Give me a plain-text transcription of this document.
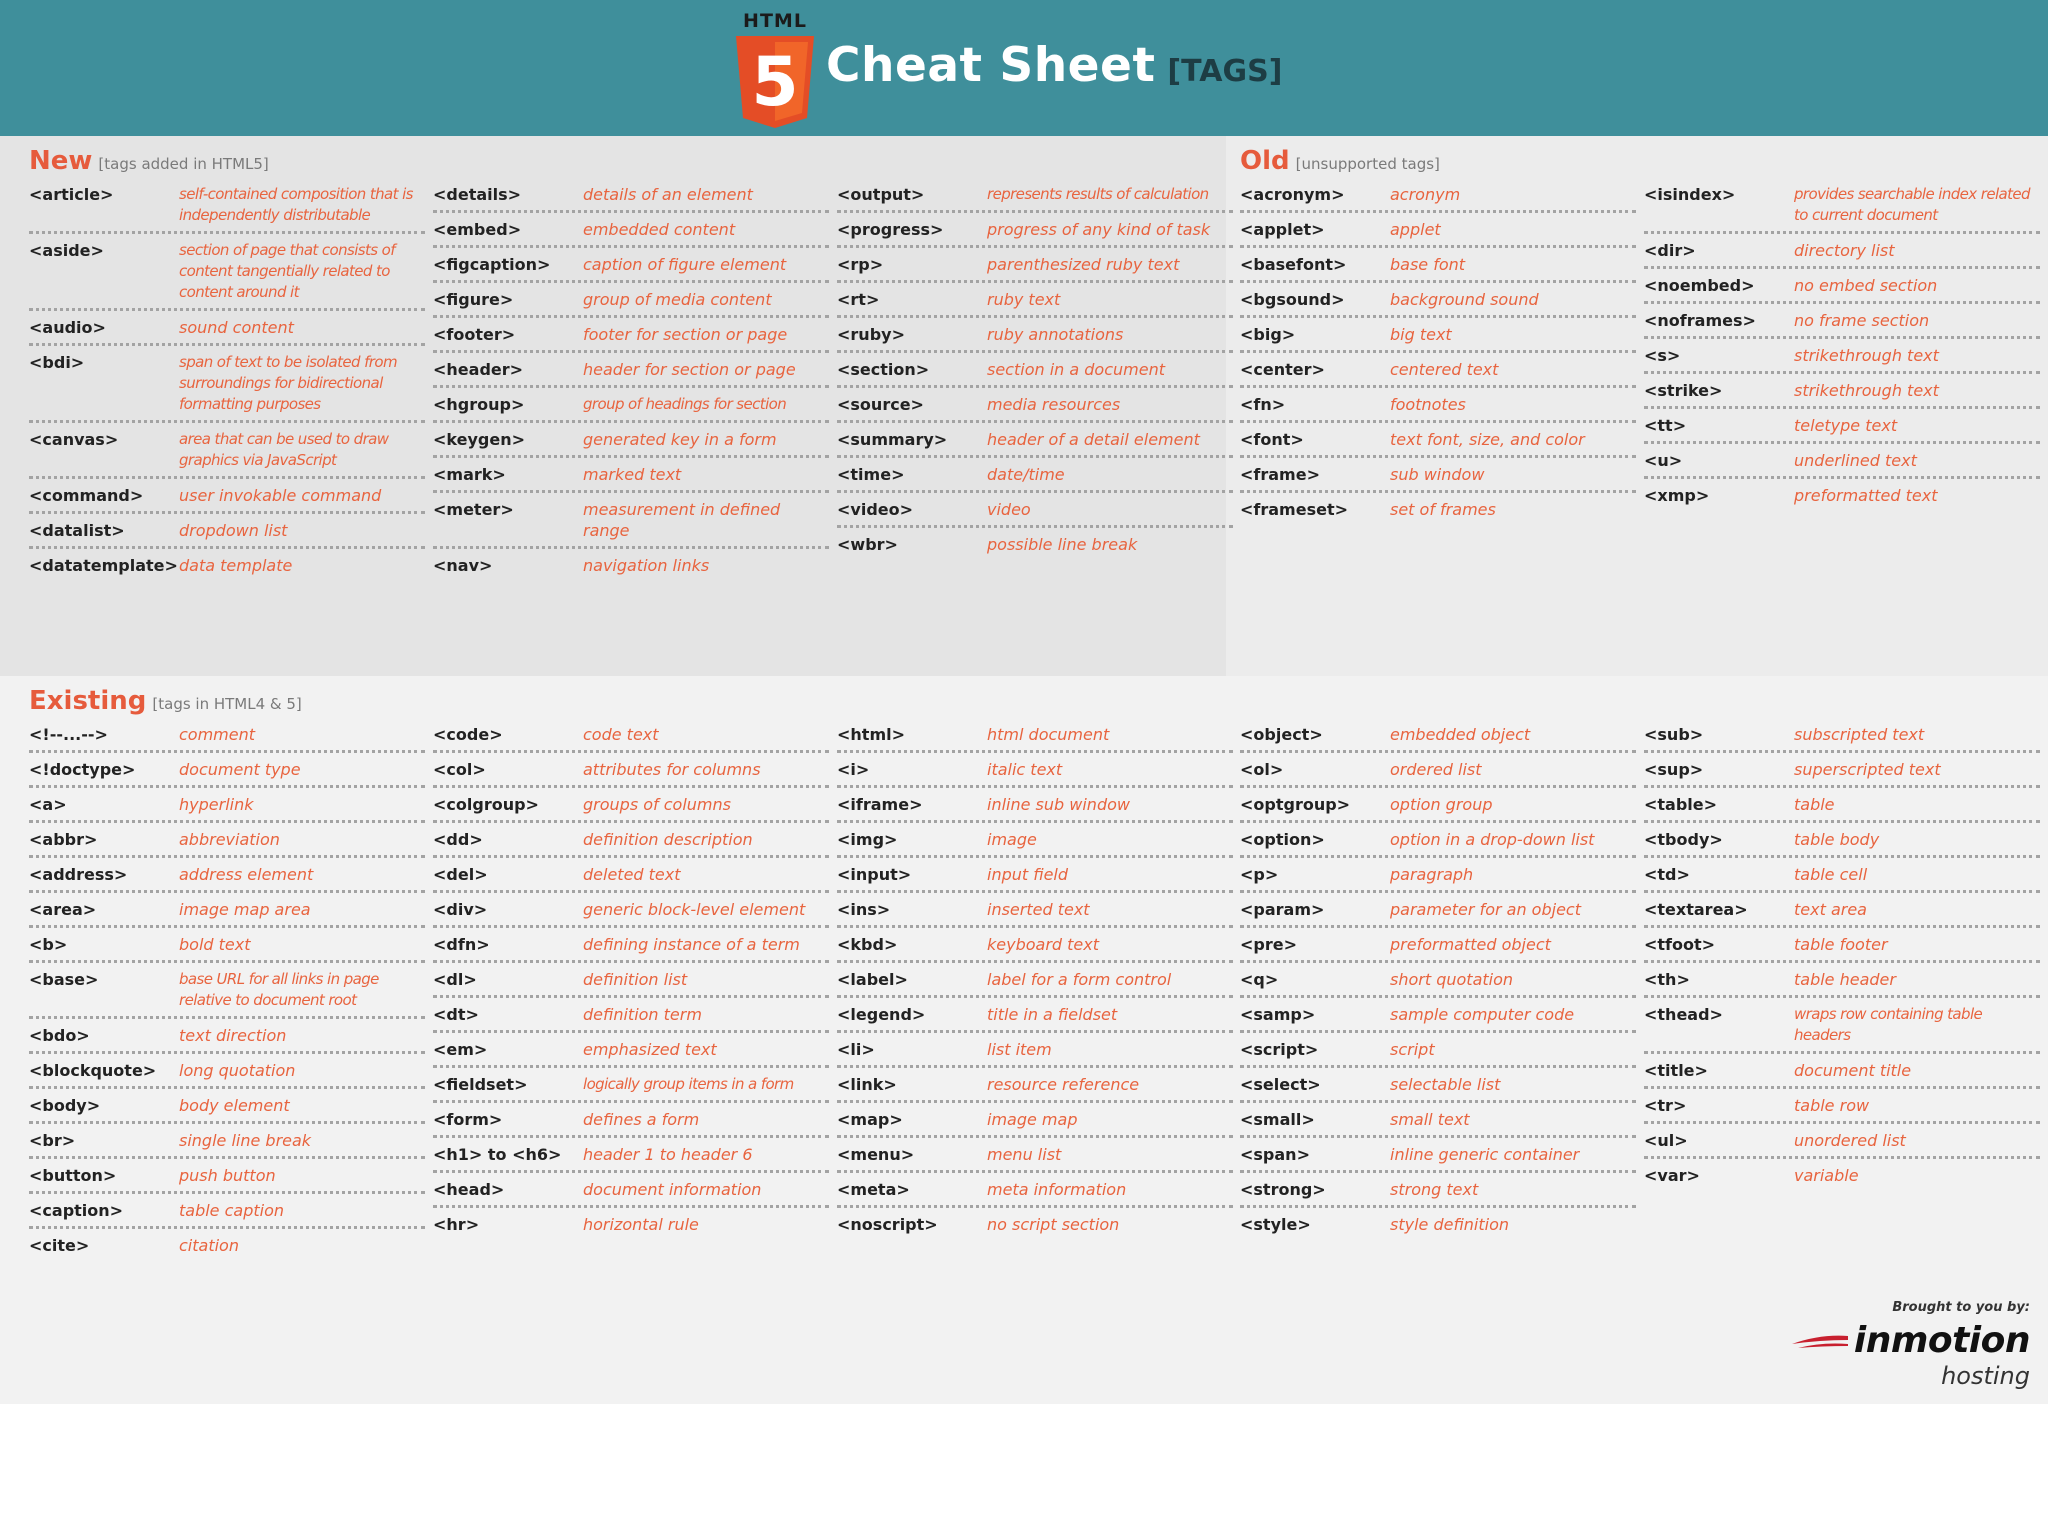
HTML
5 Cheat Sheet [TAGS]
New [tags added in HTML5]	Old [unsupported tags]
Existing [tags in HTML4 & 5]
<article>	self-contained composition that is independently distributable
<aside>	section of page that consists of content tangentially related to content around it
<audio>	sound content
<bdi>	span of text to be isolated from surroundings for bidirectional formatting purposes
<canvas>	area that can be used to draw graphics via JavaScript
<command>	user invokable command
<datalist>	dropdown list
<datatemplate> data template
<details>	details of an element
<embed>	embedded content
<figcaption>	caption of figure element
<figure>	group of media content
<footer>	footer for section or page
<header>	header for section or page
<hgroup>	group of headings for section
<keygen>	generated key in a form
<mark>	marked text
<meter>	measurement in defined range
<nav>	navigation links
<output>	represents results of calculation
<progress>	progress of any kind of task
<rp>	parenthesized ruby text
<rt>	ruby text
<ruby>	ruby annotations
<section>	section in a document
<source>	media resources
<summary>	header of a detail element
<time>	date/time
<video>	video
<wbr>	possible line break
<acronym>	acronym
<applet>	applet
<basefont>	base font
<bgsound>	background sound
<big>	big text
<center>	centered text
<fn>	footnotes
<font>	text font, size, and color
<frame>	sub window
<frameset>	set of frames
<isindex>	provides searchable index related to current document
<dir>	directory list
<noembed>	no embed section
<noframes>	no frame section
<s>	strikethrough text
<strike>	strikethrough text
<tt>	teletype text
<u>	underlined text
<xmp>	preformatted text
<!--...-->	comment
<!doctype>	document type
<a>	hyperlink
<abbr>	abbreviation
<address>	address element
<area>	image map area
<b>	bold text
<base>	base URL for all links in page relative to document root
<bdo>	text direction
<blockquote>	long quotation
<body>	body element
<br>	single line break
<button>	push button
<caption>	table caption
<cite>	citation
<code>	code text
<col>	attributes for columns
<colgroup>	groups of columns
<dd>	definition description
<del>	deleted text
<div>	generic block-level element
<dfn>	defining instance of a term
<dl>	definition list
<dt>	definition term
<em>	emphasized text
<fieldset>	logically group items in a form
<form>	defines a form
<h1> to <h6>	header 1 to header 6
<head>	document information
<hr>	horizontal rule
<html>	html document
<i>	italic text
<iframe>	inline sub window
<img>	image
<input>	input field
<ins>	inserted text
<kbd>	keyboard text
<label>	label for a form control
<legend>	title in a fieldset
<li>	list item
<link>	resource reference
<map>	image map
<menu>	menu list
<meta>	meta information
<noscript>	no script section
<object>	embedded object
<ol>	ordered list
<optgroup>	option group
<option>	option in a drop-down list
<p>	paragraph
<param>	parameter for an object
<pre>	preformatted object
<q>	short quotation
<samp>	sample computer code
<script>	script
<select>	selectable list
<small>	small text
<span>	inline generic container
<strong>	strong text
<style>	style definition
<sub>	subscripted text
<sup>	superscripted text
<table>	table
<tbody>	table body
<td>	table cell
<textarea>	text area
<tfoot>	table footer
<th>	table header
<thead>	wraps row containing table headers
<title>	document title
<tr>	table row
<ul>	unordered list
<var>	variable
Brought to you by:
inmotion
hosting
